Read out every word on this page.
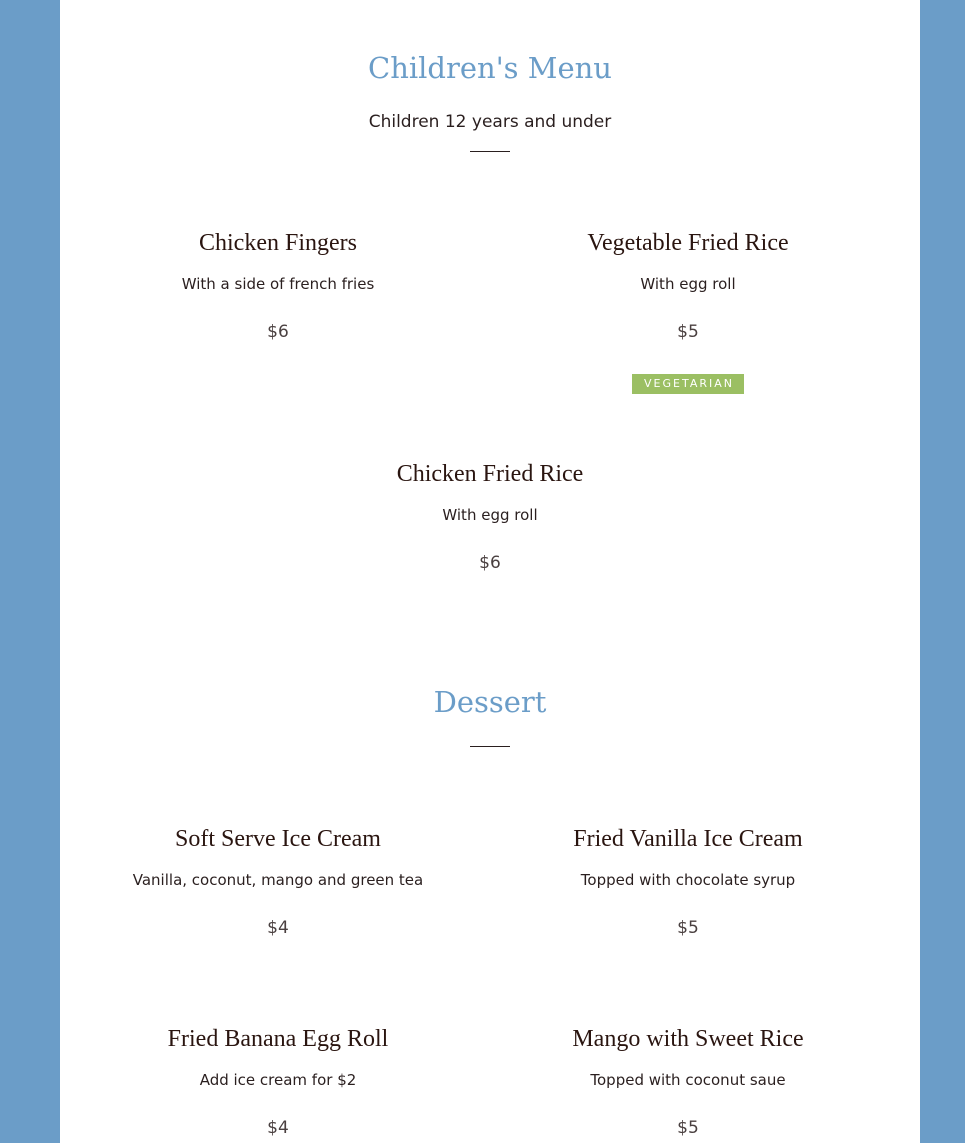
Children's Menu
Children 12 years and under
Chicken Fingers
With a side of french fries
$6
Vegetable Fried Rice
With egg roll
$5
VEGETARIAN
Chicken Fried Rice
With egg roll
$6
Dessert
Soft Serve Ice Cream
Vanilla, coconut, mango and green tea
$4
Fried Vanilla Ice Cream
Topped with chocolate syrup
$5
Fried Banana Egg Roll
Add ice cream for $2
$4
Mango with Sweet Rice
Topped with coconut saue
$5
